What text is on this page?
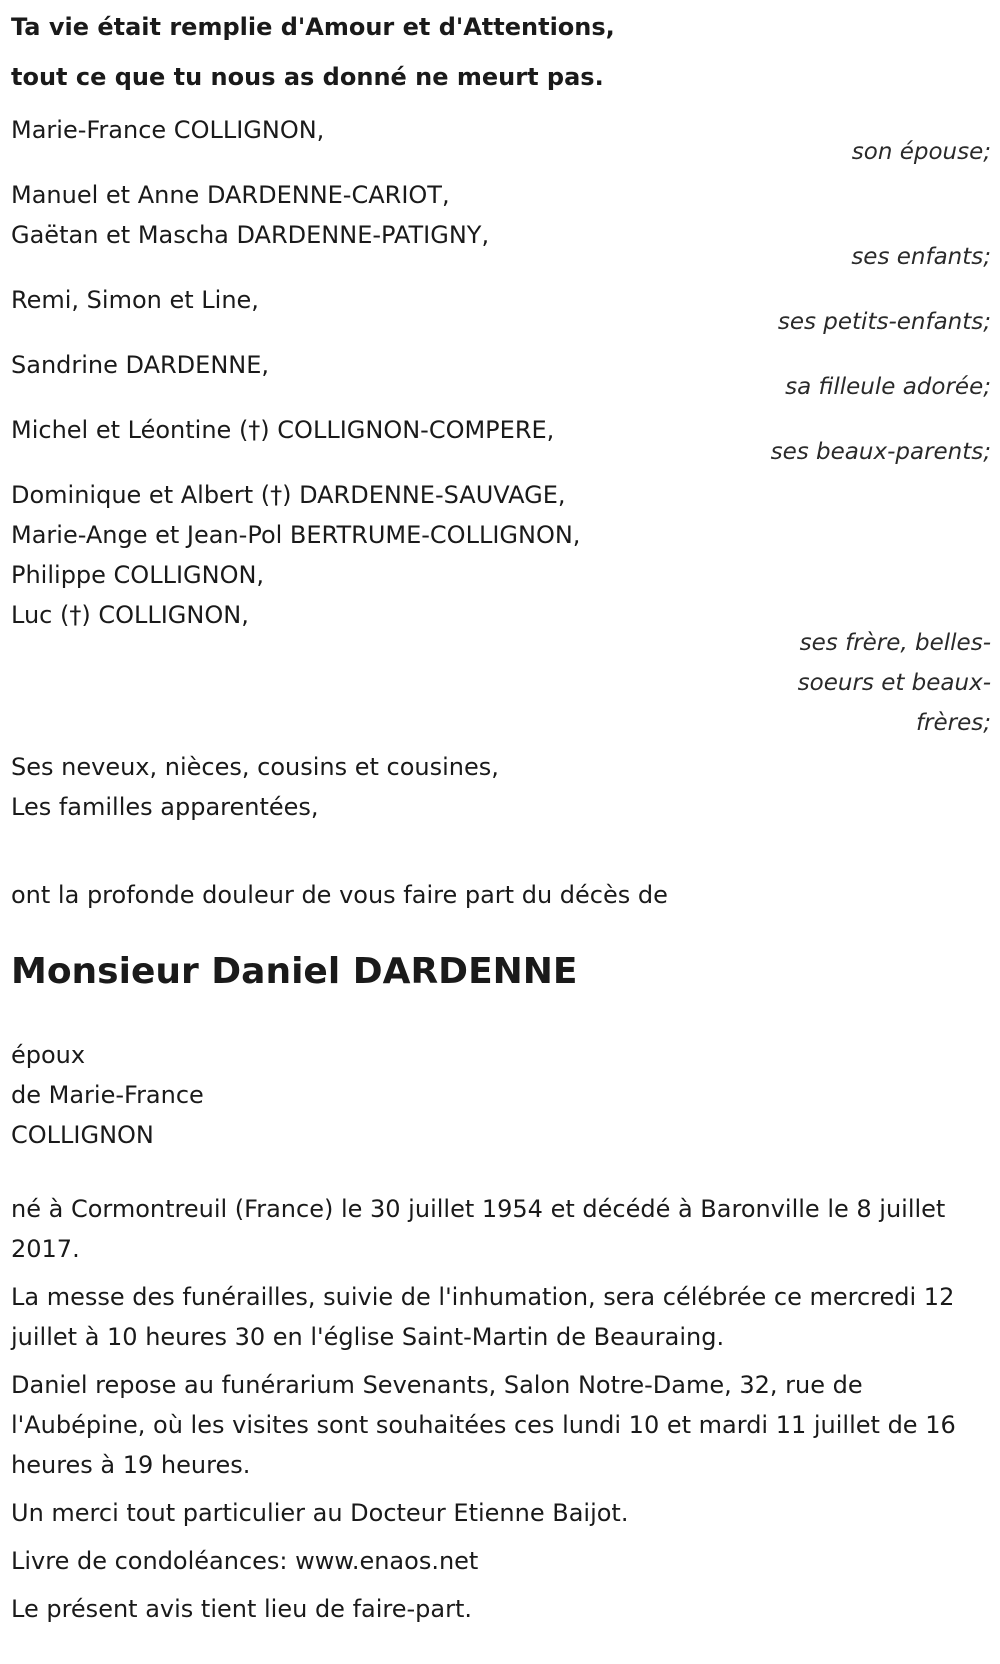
Ta vie était remplie d'Amour et d'Attentions,
tout ce que tu nous as donné ne meurt pas.
Marie-France COLLIGNON,
son épouse;
Manuel et Anne DARDENNE-CARIOT,
Gaëtan et Mascha DARDENNE-PATIGNY,
ses enfants;
Remi, Simon et Line,
ses petits-enfants;
Sandrine DARDENNE,
sa filleule adorée;
Michel et Léontine (†) COLLIGNON-COMPERE,
ses beaux-parents;
Dominique et Albert (†) DARDENNE-SAUVAGE,
Marie-Ange et Jean-Pol BERTRUME-COLLIGNON,
Philippe COLLIGNON,
Luc (†) COLLIGNON,
ses frère, belles-soeurs et beaux-frères;
Ses neveux, nièces, cousins et cousines,
Les familles apparentées,
ont la profonde douleur de vous faire part du décès de
Monsieur Daniel DARDENNE
époux
de Marie-France
COLLIGNON

né à Cormontreuil (France) le 30 juillet 1954 et décédé à Baronville le 8 juillet 2017.

La messe des funérailles, suivie de l'inhumation, sera célébrée ce mercredi 12 juillet à 10 heures 30 en l'église Saint-Martin de Beauraing.

Daniel repose au funérarium Sevenants, Salon Notre-Dame, 32, rue de l'Aubépine, où les visites sont souhaitées ces lundi 10 et mardi 11 juillet de 16 heures à 19 heures.

Un merci tout particulier au Docteur Etienne Baijot.

Livre de condoléances: www.enaos.net

Le présent avis tient lieu de faire-part.
